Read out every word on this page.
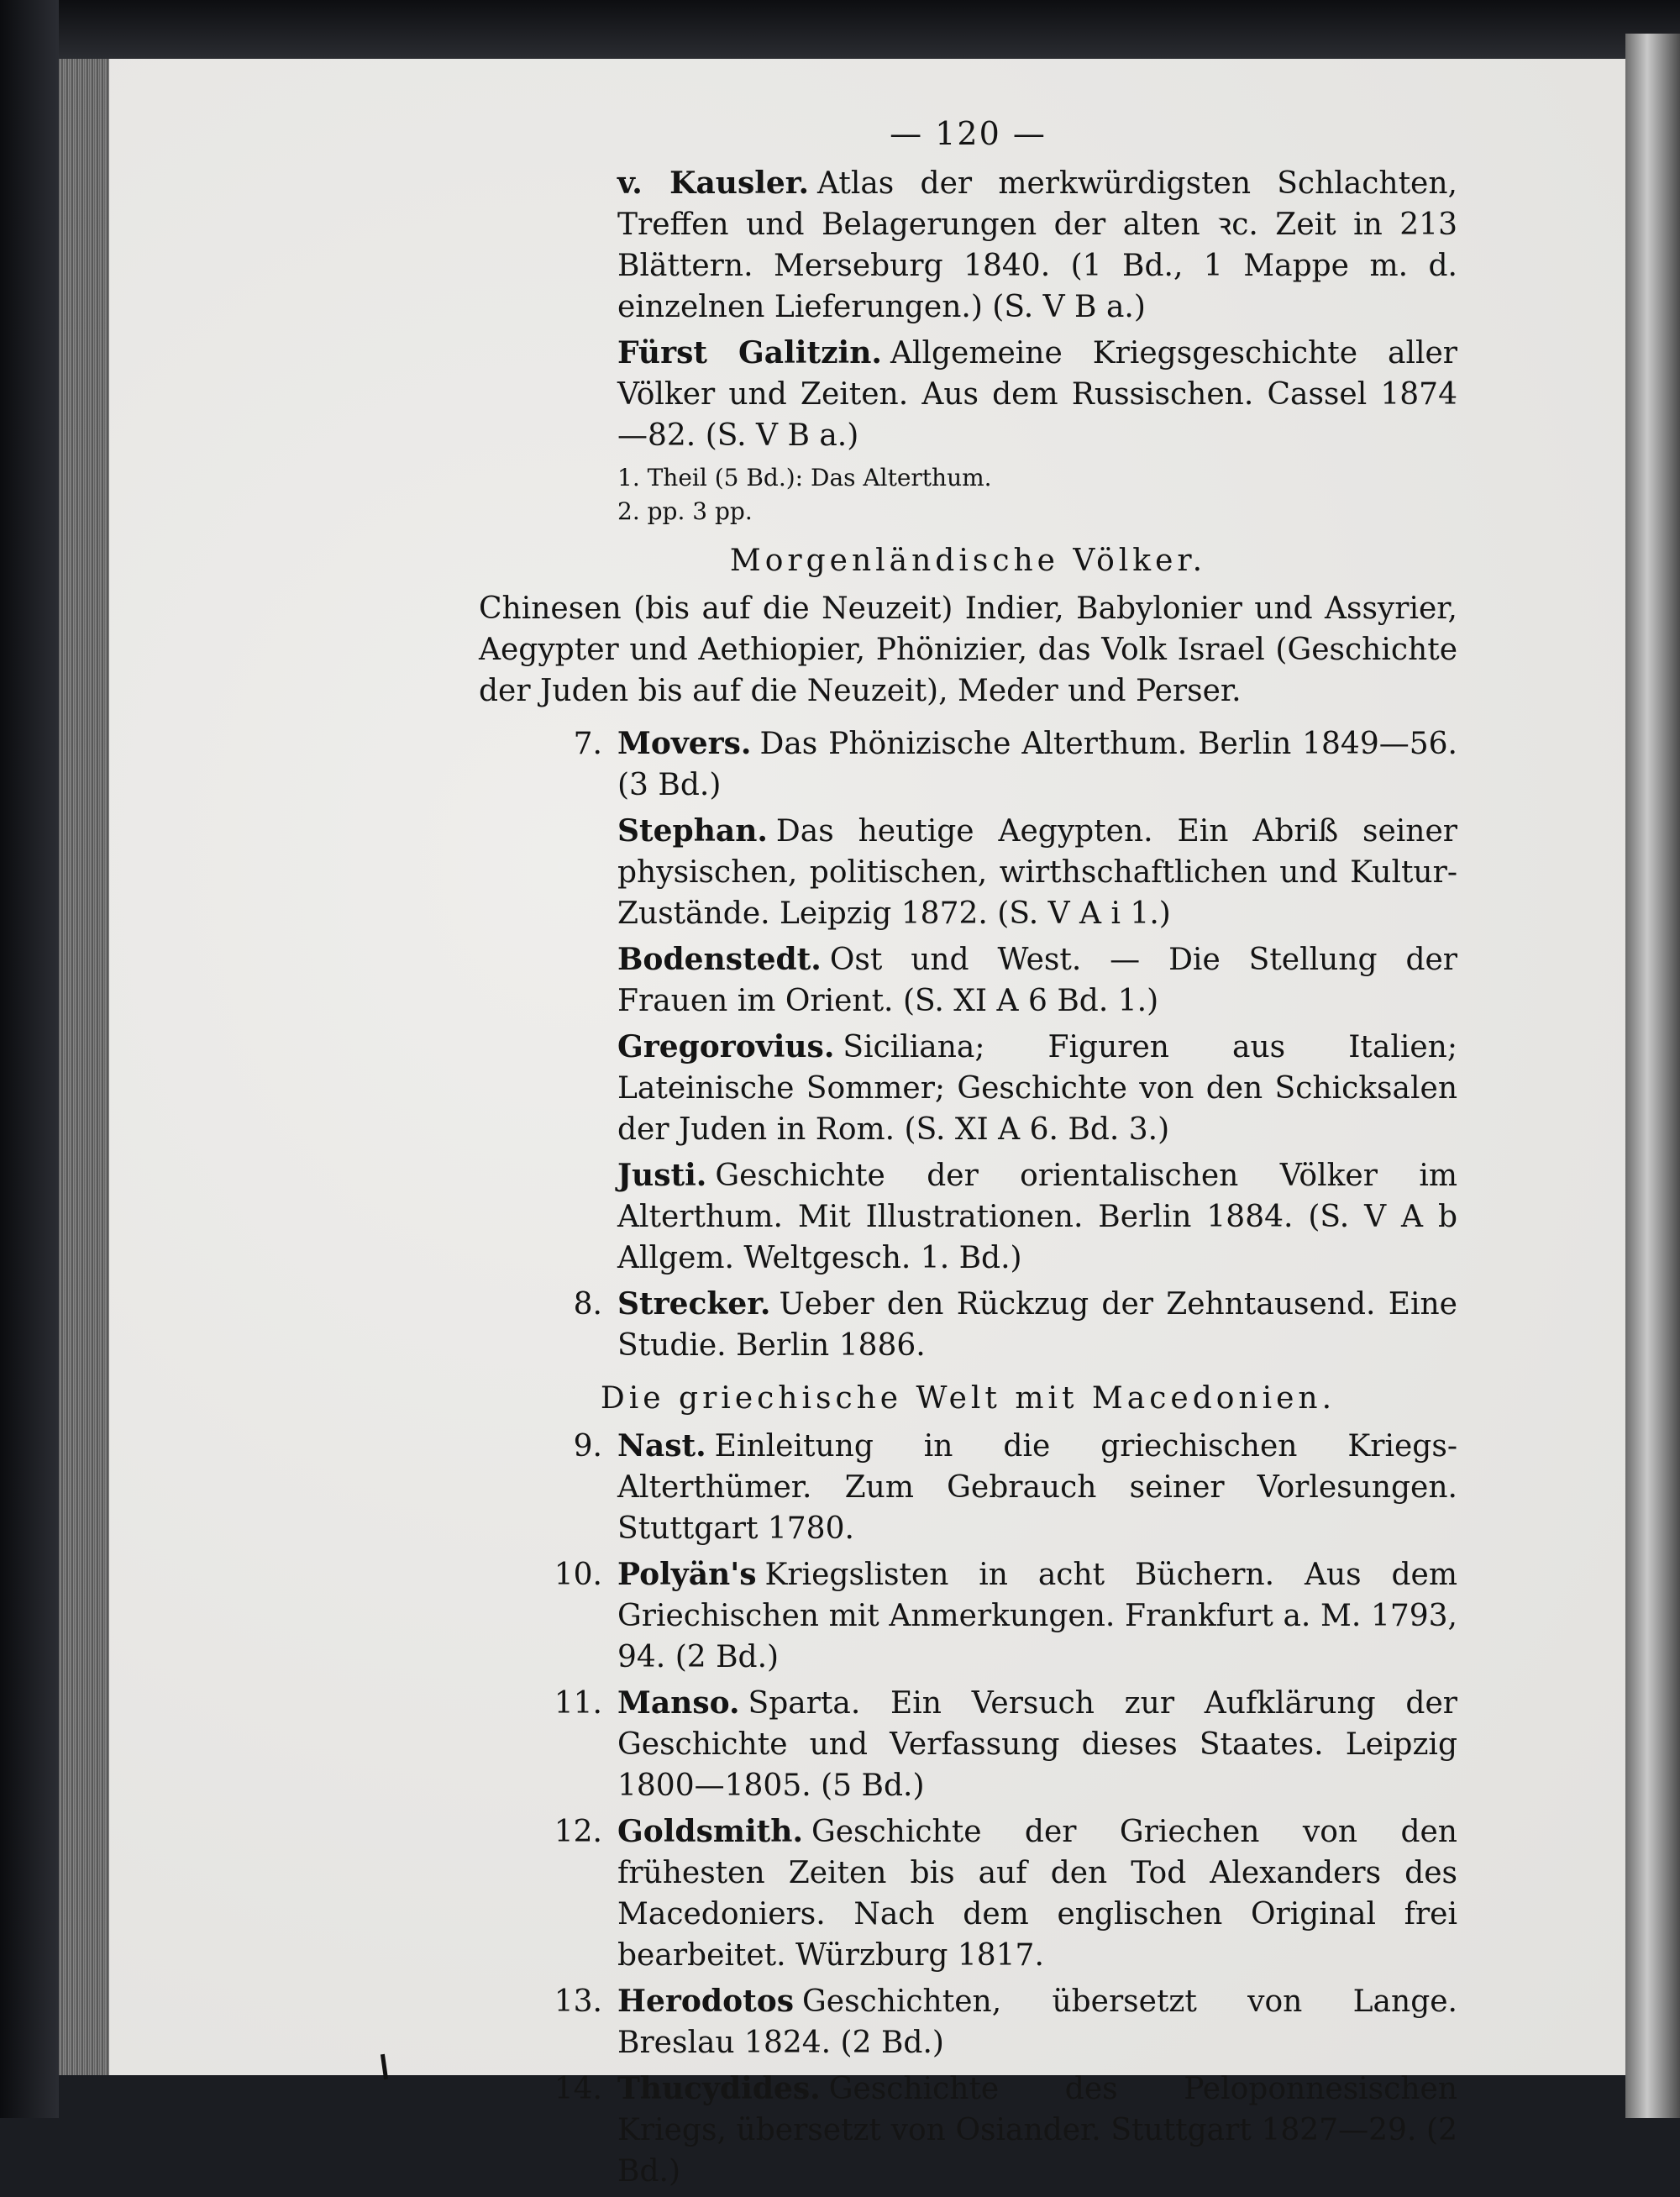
— 120 —

v. Kausler. Atlas der merkwürdigsten Schlachten, Treffen und Belagerungen der alten ꝛc. Zeit in 213 Blättern. Merseburg 1840. (1 Bd., 1 Mappe m. d. einzelnen Lieferungen.) (S. V B a.)

Fürst Galitzin. Allgemeine Kriegsgeschichte aller Völker und Zeiten. Aus dem Russischen. Cassel 1874—82. (S. V B a.)

1. Theil (5 Bd.): Das Alterthum.

2. pp. 3 pp.

Morgenländische Völker.
Chinesen (bis auf die Neuzeit) Indier, Babylonier und Assyrier, Aegypter und Aethiopier, Phönizier, das Volk Israel (Geschichte der Juden bis auf die Neuzeit), Meder und Perser.

7. Movers. Das Phönizische Alterthum. Berlin 1849—56. (3 Bd.)

Stephan. Das heutige Aegypten. Ein Abriß seiner physischen, politischen, wirthschaftlichen und Kultur-Zustände. Leipzig 1872. (S. V A i 1.)

Bodenstedt. Ost und West. — Die Stellung der Frauen im Orient. (S. XI A 6 Bd. 1.)

Gregorovius. Siciliana; Figuren aus Italien; Lateinische Sommer; Geschichte von den Schicksalen der Juden in Rom. (S. XI A 6. Bd. 3.)

Justi. Geschichte der orientalischen Völker im Alterthum. Mit Illustrationen. Berlin 1884. (S. V A b Allgem. Weltgesch. 1. Bd.)

8. Strecker. Ueber den Rückzug der Zehntausend. Eine Studie. Berlin 1886.

Die griechische Welt mit Macedonien.

9. Nast. Einleitung in die griechischen Kriegs-Alterthümer. Zum Gebrauch seiner Vorlesungen. Stuttgart 1780.

10. Polyän's Kriegslisten in acht Büchern. Aus dem Griechischen mit Anmerkungen. Frankfurt a. M. 1793, 94. (2 Bd.)

11. Manso. Sparta. Ein Versuch zur Aufklärung der Geschichte und Verfassung dieses Staates. Leipzig 1800—1805. (5 Bd.)

12. Goldsmith. Geschichte der Griechen von den frühesten Zeiten bis auf den Tod Alexanders des Macedoniers. Nach dem englischen Original frei bearbeitet. Würzburg 1817.

13. Herodotos Geschichten, übersetzt von Lange. Breslau 1824. (2 Bd.)

14. Thucydides. Geschichte des Peloponnesischen Kriegs, übersetzt von Osiander. Stuttgart 1827—29. (2 Bd.)
